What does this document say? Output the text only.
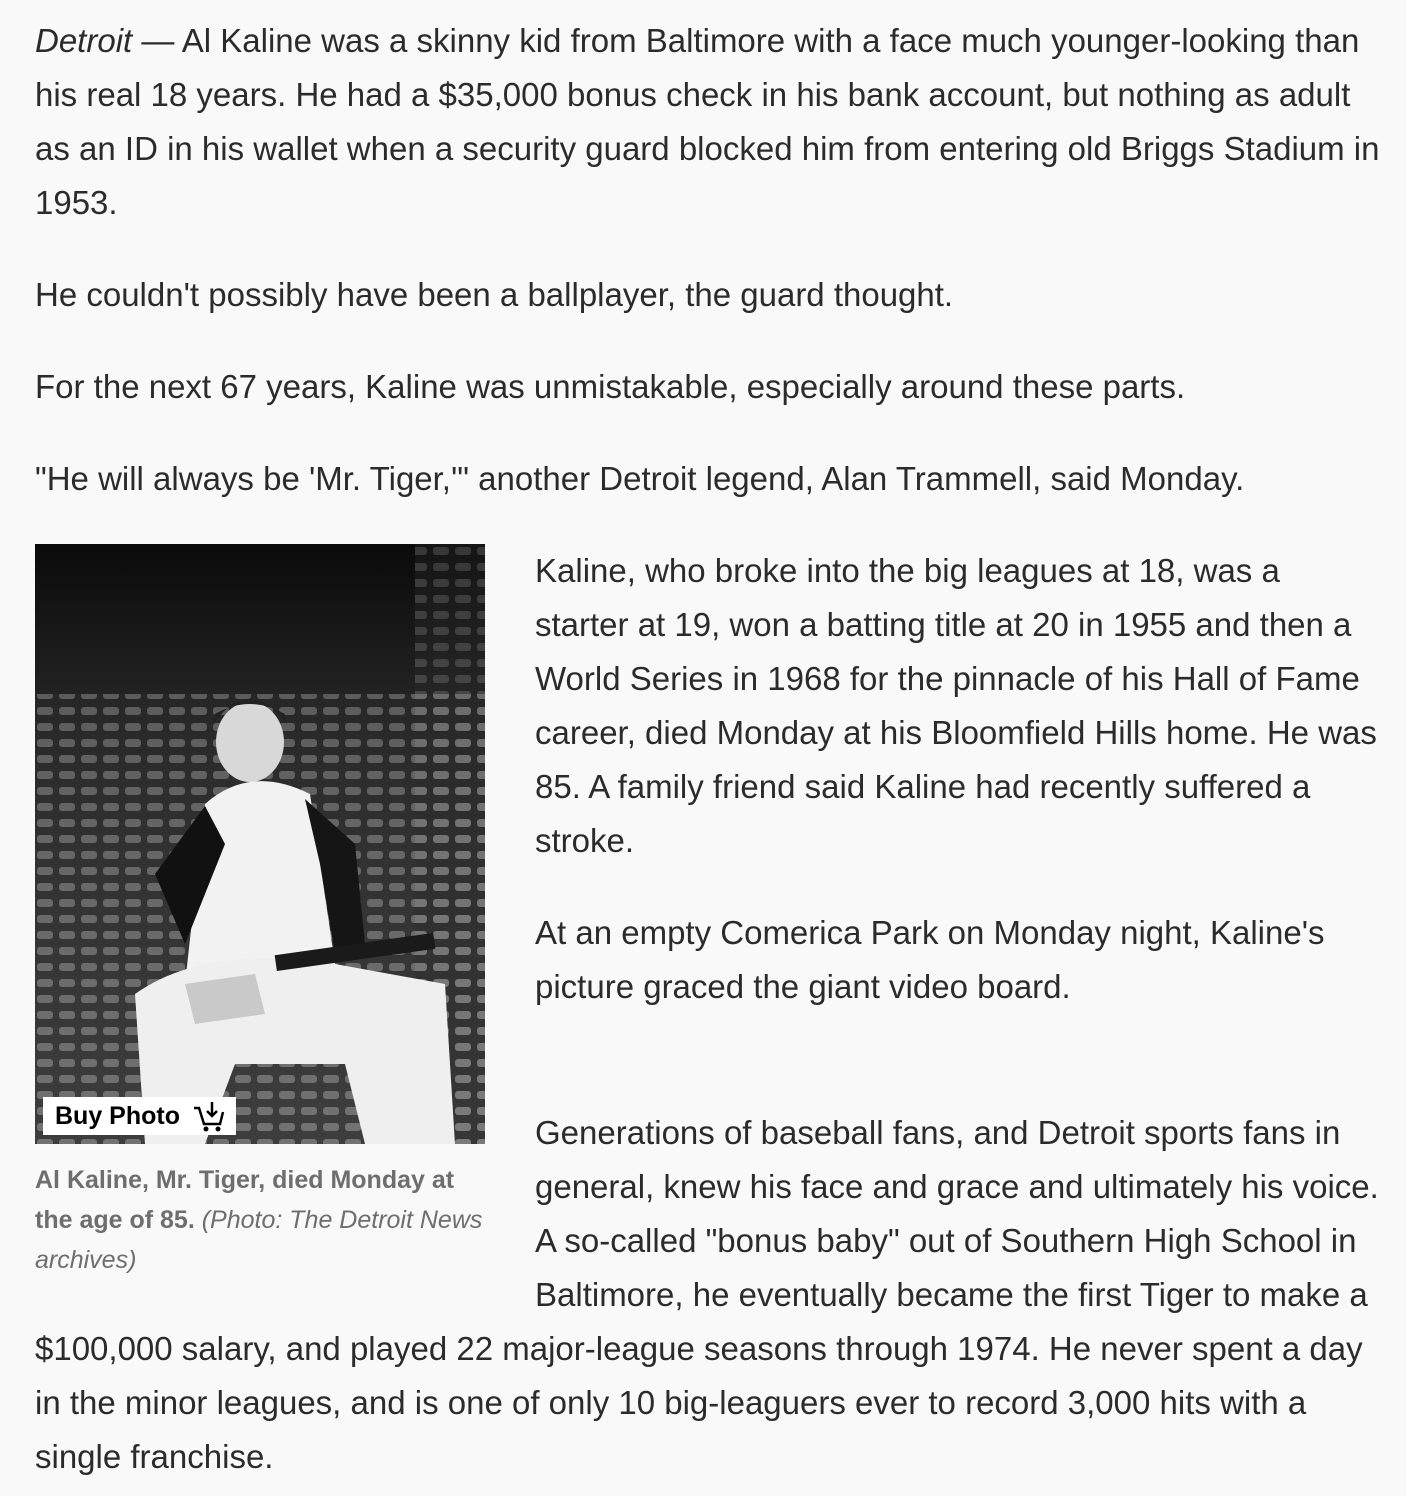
Detroit — Al Kaline was a skinny kid from Baltimore with a face much younger-looking than his real 18 years. He had a $35,000 bonus check in his bank account, but nothing as adult as an ID in his wallet when a security guard blocked him from entering old Briggs Stadium in 1953.

He couldn't possibly have been a ballplayer, the guard thought.

For the next 67 years, Kaline was unmistakable, especially around these parts.

"He will always be 'Mr. Tiger,'" another Detroit legend, Alan Trammell, said Monday.

Buy Photo
Al Kaline, Mr. Tiger, died Monday at the age of 85. (Photo: The Detroit News archives)

Kaline, who broke into the big leagues at 18, was a starter at 19, won a batting title at 20 in 1955 and then a World Series in 1968 for the pinnacle of his Hall of Fame career, died Monday at his Bloomfield Hills home. He was 85. A family friend said Kaline had recently suffered a stroke.

At an empty Comerica Park on Monday night, Kaline's picture graced the giant video board.

Generations of baseball fans, and Detroit sports fans in general, knew his face and grace and ultimately his voice. A so-called "bonus baby" out of Southern High School in Baltimore, he eventually became the first Tiger to make a $100,000 salary, and played 22 major-league seasons through 1974. He never spent a day in the minor leagues, and is one of only 10 big-leaguers ever to record 3,000 hits with a single franchise.
